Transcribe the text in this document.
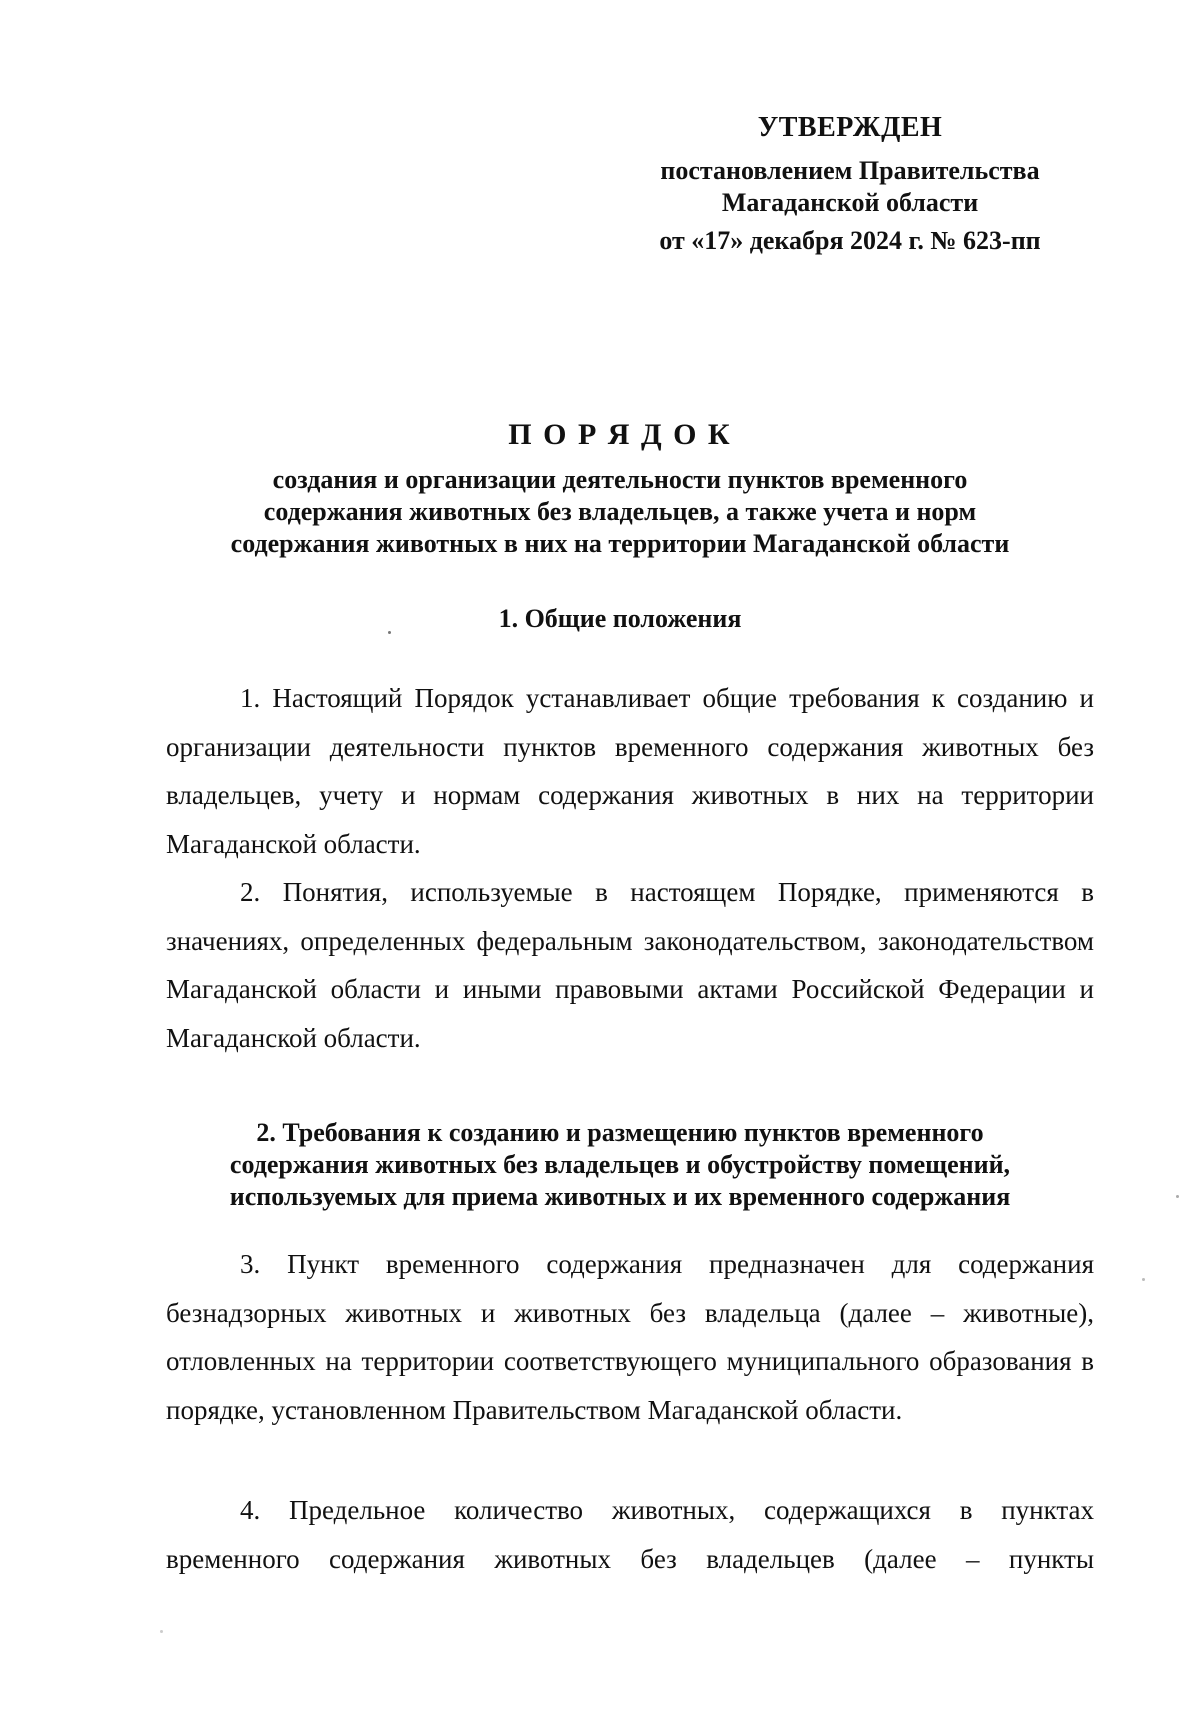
УТВЕРЖДЕН
постановлением Правительства
Магаданской области
от «17» декабря 2024 г. № 623-пп
П О Р Я Д О К
создания и организации деятельности пунктов временного
содержания животных без владельцев, а также учета и норм
содержания животных в них на территории Магаданской области
1. Общие положения
1. Настоящий Порядок устанавливает общие требования к созданию и организации деятельности пунктов временного содержания животных без владельцев, учету и нормам содержания животных в них на территории Магаданской области.
2. Понятия, используемые в настоящем Порядке, применяются в значениях, определенных федеральным законодательством, законодательством Магаданской области и иными правовыми актами Российской Федерации и Магаданской области.
2. Требования к созданию и размещению пунктов временного
содержания животных без владельцев и обустройству помещений,
используемых для приема животных и их временного содержания
3. Пункт временного содержания предназначен для содержания безнадзорных животных и животных без владельца (далее – животные), отловленных на территории соответствующего муниципального образования в порядке, установленном Правительством Магаданской области.
4. Предельное количество животных, содержащихся в пунктах временного содержания животных без владельцев (далее – пункты
